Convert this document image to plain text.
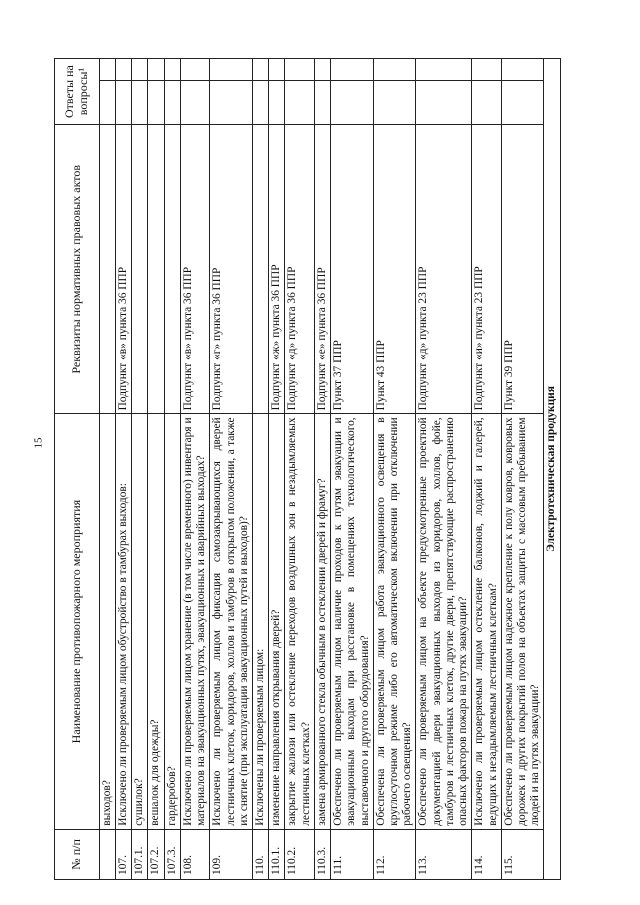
15
№ п/п	Наименование противопожарного мероприятия	Реквизиты нормативных правовых актов	Ответы на вопросы¹	
	выходов?			
107.	Исключено ли проверяемым лицом обустройство в тамбурах выходов:	Подпункт «в» пункта 36 ППР		
107.1.	сушилок?			
107.2.	вешалок для одежды?			
107.3.	гардеробов?			
108.	Исключено ли проверяемым лицом хранение (в том числе временного) инвентаря и материалов на эвакуационных путях, эвакуационных и аварийных выходах?	Подпункт «в» пункта 36 ППР		
109.	Исключено ли проверяемым лицом фиксация самозакрывающихся дверей лестничных клеток, коридоров, холлов и тамбуров в открытом положении, а также их снятие (при эксплуатации эвакуационных путей и выходов)?	Подпункт «г» пункта 36 ППР		
110.	Исключены ли проверяемым лицом:			
110.1.	изменение направления открывания дверей?	Подпункт «ж» пункта 36 ППР		
110.2.	закрытие жалюзи или остекление переходов воздушных зон в незадымляемых лестничных клетках?	Подпункт «д» пункта 36 ППР		
110.3.	замена армированного стекла обычным в остеклении дверей и фрамуг?	Подпункт «е» пункта 36 ППР		
111.	Обеспечено ли проверяемым лицом наличие проходов к путям эвакуации и эвакуационным выходам при расстановке в помещениях технологического, выставочного и другого оборудования?	Пункт 37 ППР		
112.	Обеспечена ли проверяемым лицом работа эвакуационного освещения в круглосуточном режиме либо его автоматическом включении при отключении рабочего освещения?	Пункт 43 ППР		
113.	Обеспечено ли проверяемым лицом на объекте предусмотренные проектной документацией двери эвакуационных выходов из коридоров, холлов, фойе, тамбуров и лестничных клеток, другие двери, препятствующие распространению опасных факторов пожара на путях эвакуации?	Подпункт «д» пункта 23 ППР		
114.	Исключено ли проверяемым лицом остекление балконов, лоджий и галерей, ведущих к незадымляемым лестничным клеткам?	Подпункт «и» пункта 23 ППР		
115.	Обеспечено ли проверяемым лицом надежное крепление к полу ковров, ковровых дорожек и других покрытий полов на объектах защиты с массовым пребыванием людей и на путях эвакуации?	Пункт 39 ППР		
Электротехническая продукция				
